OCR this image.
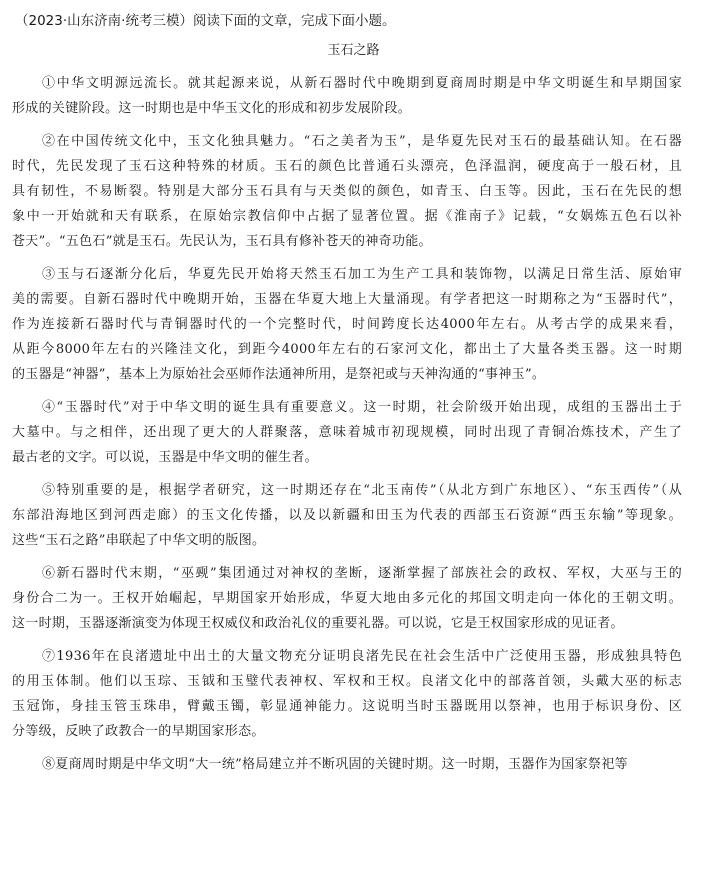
（2023·山东济南·统考三模）阅读下面的文章，完成下面小题。
玉石之路
①中华文明源远流长。就其起源来说，从新石器时代中晚期到夏商周时期是中华文明诞生和早期国家
形成的关键阶段。这一时期也是中华玉文化的形成和初步发展阶段。
②在中国传统文化中，玉文化独具魅力。“石之美者为玉”，是华夏先民对玉石的最基础认知。在石器
时代，先民发现了玉石这种特殊的材质。玉石的颜色比普通石头漂亮，色泽温润，硬度高于一般石材，且
具有韧性，不易断裂。特别是大部分玉石具有与天类似的颜色，如青玉、白玉等。因此，玉石在先民的想
象中一开始就和天有联系，在原始宗教信仰中占据了显著位置。据《淮南子》记载，“女娲炼五色石以补
苍天”。“五色石”就是玉石。先民认为，玉石具有修补苍天的神奇功能。
③玉与石逐渐分化后，华夏先民开始将天然玉石加工为生产工具和装饰物，以满足日常生活、原始审
美的需要。自新石器时代中晚期开始，玉器在华夏大地上大量涌现。有学者把这一时期称之为“玉器时代”，
作为连接新石器时代与青铜器时代的一个完整时代，时间跨度长达4000年左右。从考古学的成果来看，
从距今8000年左右的兴隆洼文化，到距今4000年左右的石家河文化，都出土了大量各类玉器。这一时期
的玉器是“神器”，基本上为原始社会巫师作法通神所用，是祭祀或与天神沟通的“事神玉”。
④“玉器时代”对于中华文明的诞生具有重要意义。这一时期，社会阶级开始出现，成组的玉器出土于
大墓中。与之相伴，还出现了更大的人群聚落，意味着城市初现规模，同时出现了青铜冶炼技术，产生了
最古老的文字。可以说，玉器是中华文明的催生者。
⑤特别重要的是，根据学者研究，这一时期还存在“北玉南传”（从北方到广东地区）、“东玉西传”（从
东部沿海地区到河西走廊）的玉文化传播，以及以新疆和田玉为代表的西部玉石资源“西玉东输”等现象。
这些“玉石之路”串联起了中华文明的版图。
⑥新石器时代末期，“巫觋”集团通过对神权的垄断，逐渐掌握了部族社会的政权、军权，大巫与王的
身份合二为一。王权开始崛起，早期国家开始形成，华夏大地由多元化的邦国文明走向一体化的王朝文明。
这一时期，玉器逐渐演变为体现王权威仪和政治礼仪的重要礼器。可以说，它是王权国家形成的见证者。
⑦1936年在良渚遗址中出土的大量文物充分证明良渚先民在社会生活中广泛使用玉器，形成独具特色
的用玉体制。他们以玉琮、玉钺和玉璧代表神权、军权和王权。良渚文化中的部落首领，头戴大巫的标志
玉冠饰，身挂玉管玉珠串，臂戴玉镯，彰显通神能力。这说明当时玉器既用以祭神，也用于标识身份、区
分等级，反映了政教合一的早期国家形态。
⑧夏商周时期是中华文明“大一统”格局建立并不断巩固的关键时期。这一时期，玉器作为国家祭祀等
